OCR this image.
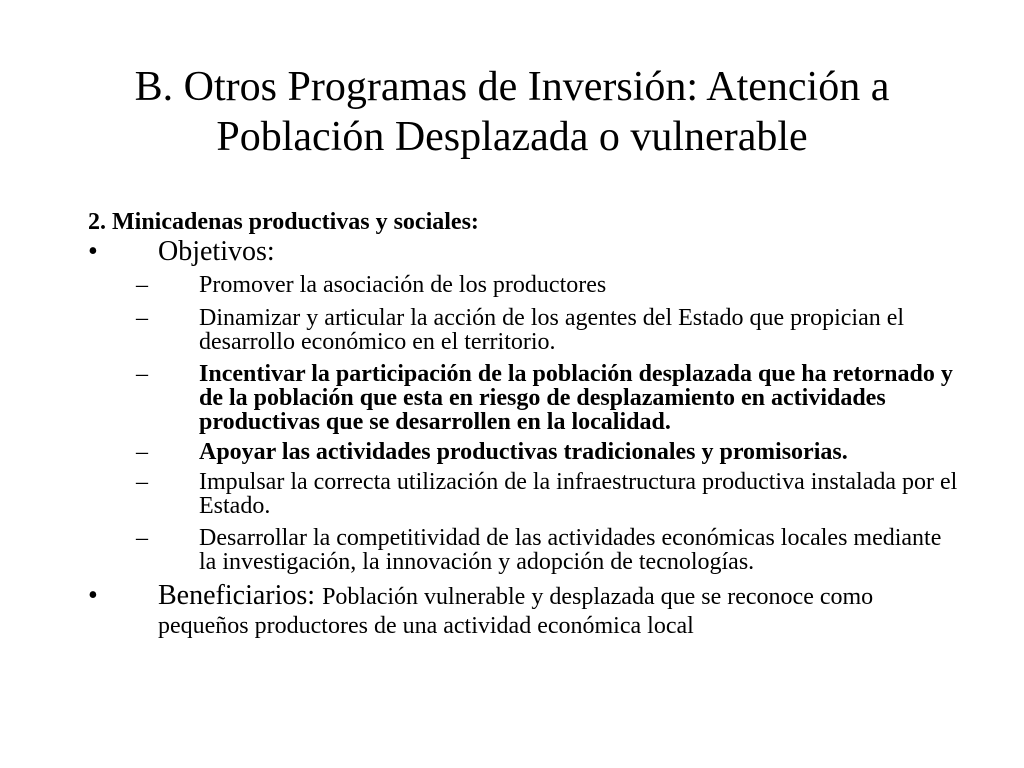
B. Otros Programas de Inversión: Atención a
Población Desplazada o vulnerable
2. Minicadenas productivas y sociales:
• Objetivos:
– Promover la asociación de los productores
– Dinamizar y articular la acción de los agentes del Estado que propician el desarrollo económico en el territorio.
– Incentivar la participación de la población desplazada que ha retornado y de la población que esta en riesgo de desplazamiento en actividades productivas que se desarrollen en la localidad.
– Apoyar las actividades productivas tradicionales y promisorias.
– Impulsar la correcta utilización de la infraestructura productiva instalada por el Estado.
– Desarrollar la competitividad de las actividades económicas locales mediante la investigación, la innovación y adopción de tecnologías.
• Beneficiarios: Población vulnerable y desplazada que se reconoce como pequeños productores de una actividad económica local
